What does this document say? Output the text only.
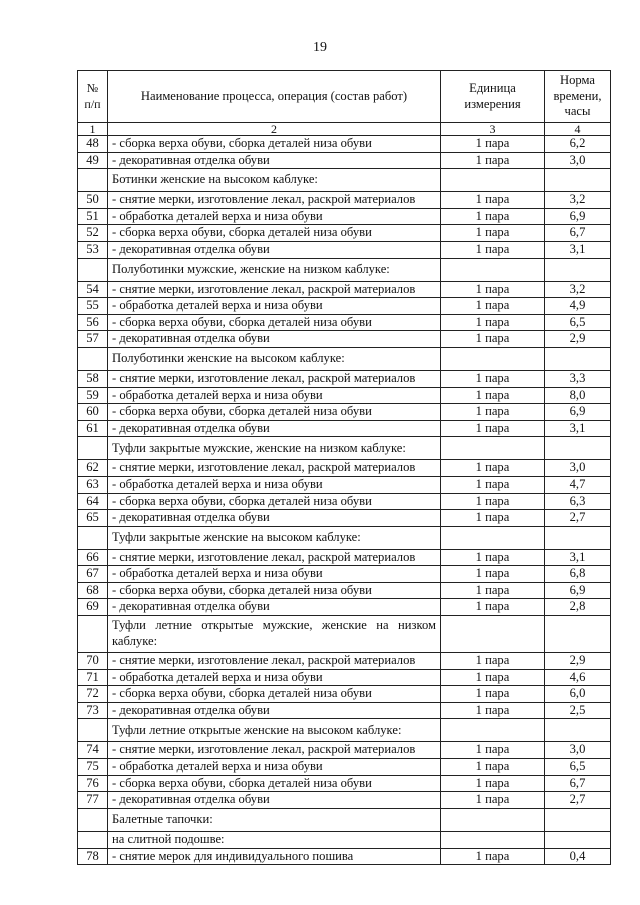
19
№ п/п	Наименование процесса, операция (состав работ)	Единица измерения	Норма времени, часы
1	2	3	4
48	- сборка верха обуви, сборка деталей низа обуви	1 пара	6,2
49	- декоративная отделка обуви	1 пара	3,0
	Ботинки женские на высоком каблуке:		
50	- снятие мерки, изготовление лекал, раскрой материалов	1 пара	3,2
51	- обработка деталей верха и низа обуви	1 пара	6,9
52	- сборка верха обуви, сборка деталей низа обуви	1 пара	6,7
53	- декоративная отделка обуви	1 пара	3,1
	Полуботинки мужские, женские на низком каблуке:		
54	- снятие мерки, изготовление лекал, раскрой материалов	1 пара	3,2
55	- обработка деталей верха и низа обуви	1 пара	4,9
56	- сборка верха обуви, сборка деталей низа обуви	1 пара	6,5
57	- декоративная отделка обуви	1 пара	2,9
	Полуботинки женские на высоком каблуке:		
58	- снятие мерки, изготовление лекал, раскрой материалов	1 пара	3,3
59	- обработка деталей верха и низа обуви	1 пара	8,0
60	- сборка верха обуви, сборка деталей низа обуви	1 пара	6,9
61	- декоративная отделка обуви	1 пара	3,1
	Туфли закрытые мужские, женские на низком каблуке:		
62	- снятие мерки, изготовление лекал, раскрой материалов	1 пара	3,0
63	- обработка деталей верха и низа обуви	1 пара	4,7
64	- сборка верха обуви, сборка деталей низа обуви	1 пара	6,3
65	- декоративная отделка обуви	1 пара	2,7
	Туфли закрытые женские на высоком каблуке:		
66	- снятие мерки, изготовление лекал, раскрой материалов	1 пара	3,1
67	- обработка деталей верха и низа обуви	1 пара	6,8
68	- сборка верха обуви, сборка деталей низа обуви	1 пара	6,9
69	- декоративная отделка обуви	1 пара	2,8
	Туфли летние открытые мужские, женские на низком каблуке:		
70	- снятие мерки, изготовление лекал, раскрой материалов	1 пара	2,9
71	- обработка деталей верха и низа обуви	1 пара	4,6
72	- сборка верха обуви, сборка деталей низа обуви	1 пара	6,0
73	- декоративная отделка обуви	1 пара	2,5
	Туфли летние открытые женские на высоком каблуке:		
74	- снятие мерки, изготовление лекал, раскрой материалов	1 пара	3,0
75	- обработка деталей верха и низа обуви	1 пара	6,5
76	- сборка верха обуви, сборка деталей низа обуви	1 пара	6,7
77	- декоративная отделка обуви	1 пара	2,7
	Балетные тапочки:		
	на слитной подошве:		
78	- снятие мерок для индивидуального пошива	1 пара	0,4
